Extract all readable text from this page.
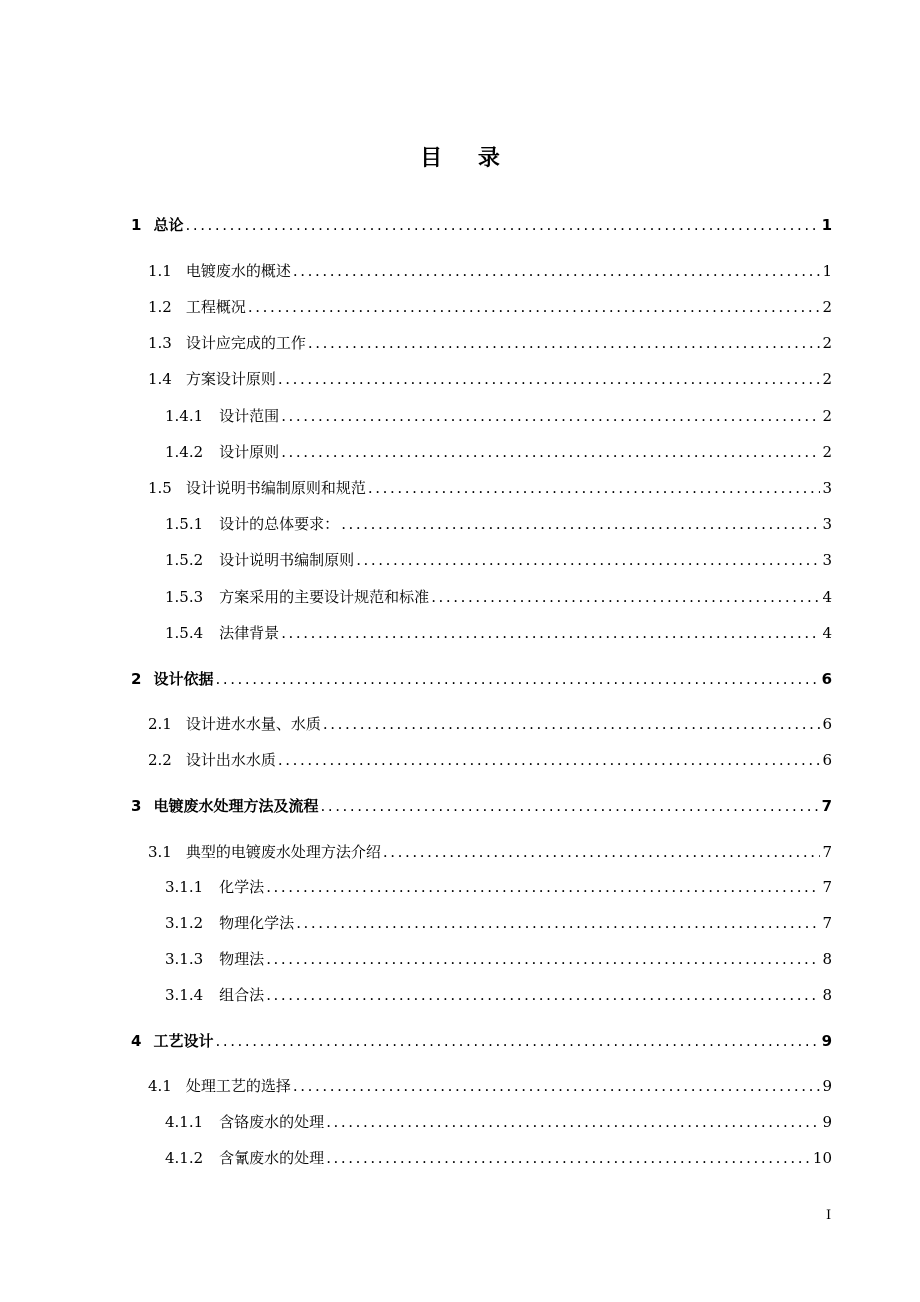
目 录
1 总论 .....	1
1.1 电镀废水的概述 .....	1
1.2 工程概况 .....	2
1.3 设计应完成的工作 .....	2
1.4 方案设计原则 .....	2
1.4.1 设计范围 .....	2
1.4.2 设计原则 .....	2
1.5 设计说明书编制原则和规范 .....	3
1.5.1 设计的总体要求： .....	3
1.5.2 设计说明书编制原则 .....	3
1.5.3 方案采用的主要设计规范和标准 .....	4
1.5.4 法律背景 .....	4
2 设计依据 .....	6
2.1 设计进水水量、水质 .....	6
2.2 设计出水水质 .....	6
3 电镀废水处理方法及流程 .....	7
3.1 典型的电镀废水处理方法介绍 .....	7
3.1.1 化学法 .....	7
3.1.2 物理化学法 .....	7
3.1.3 物理法 .....	8
3.1.4 组合法 .....	8
4 工艺设计 .....	9
4.1 处理工艺的选择 .....	9
4.1.1 含铬废水的处理 .....	9
4.1.2 含氰废水的处理 .....	10
I
